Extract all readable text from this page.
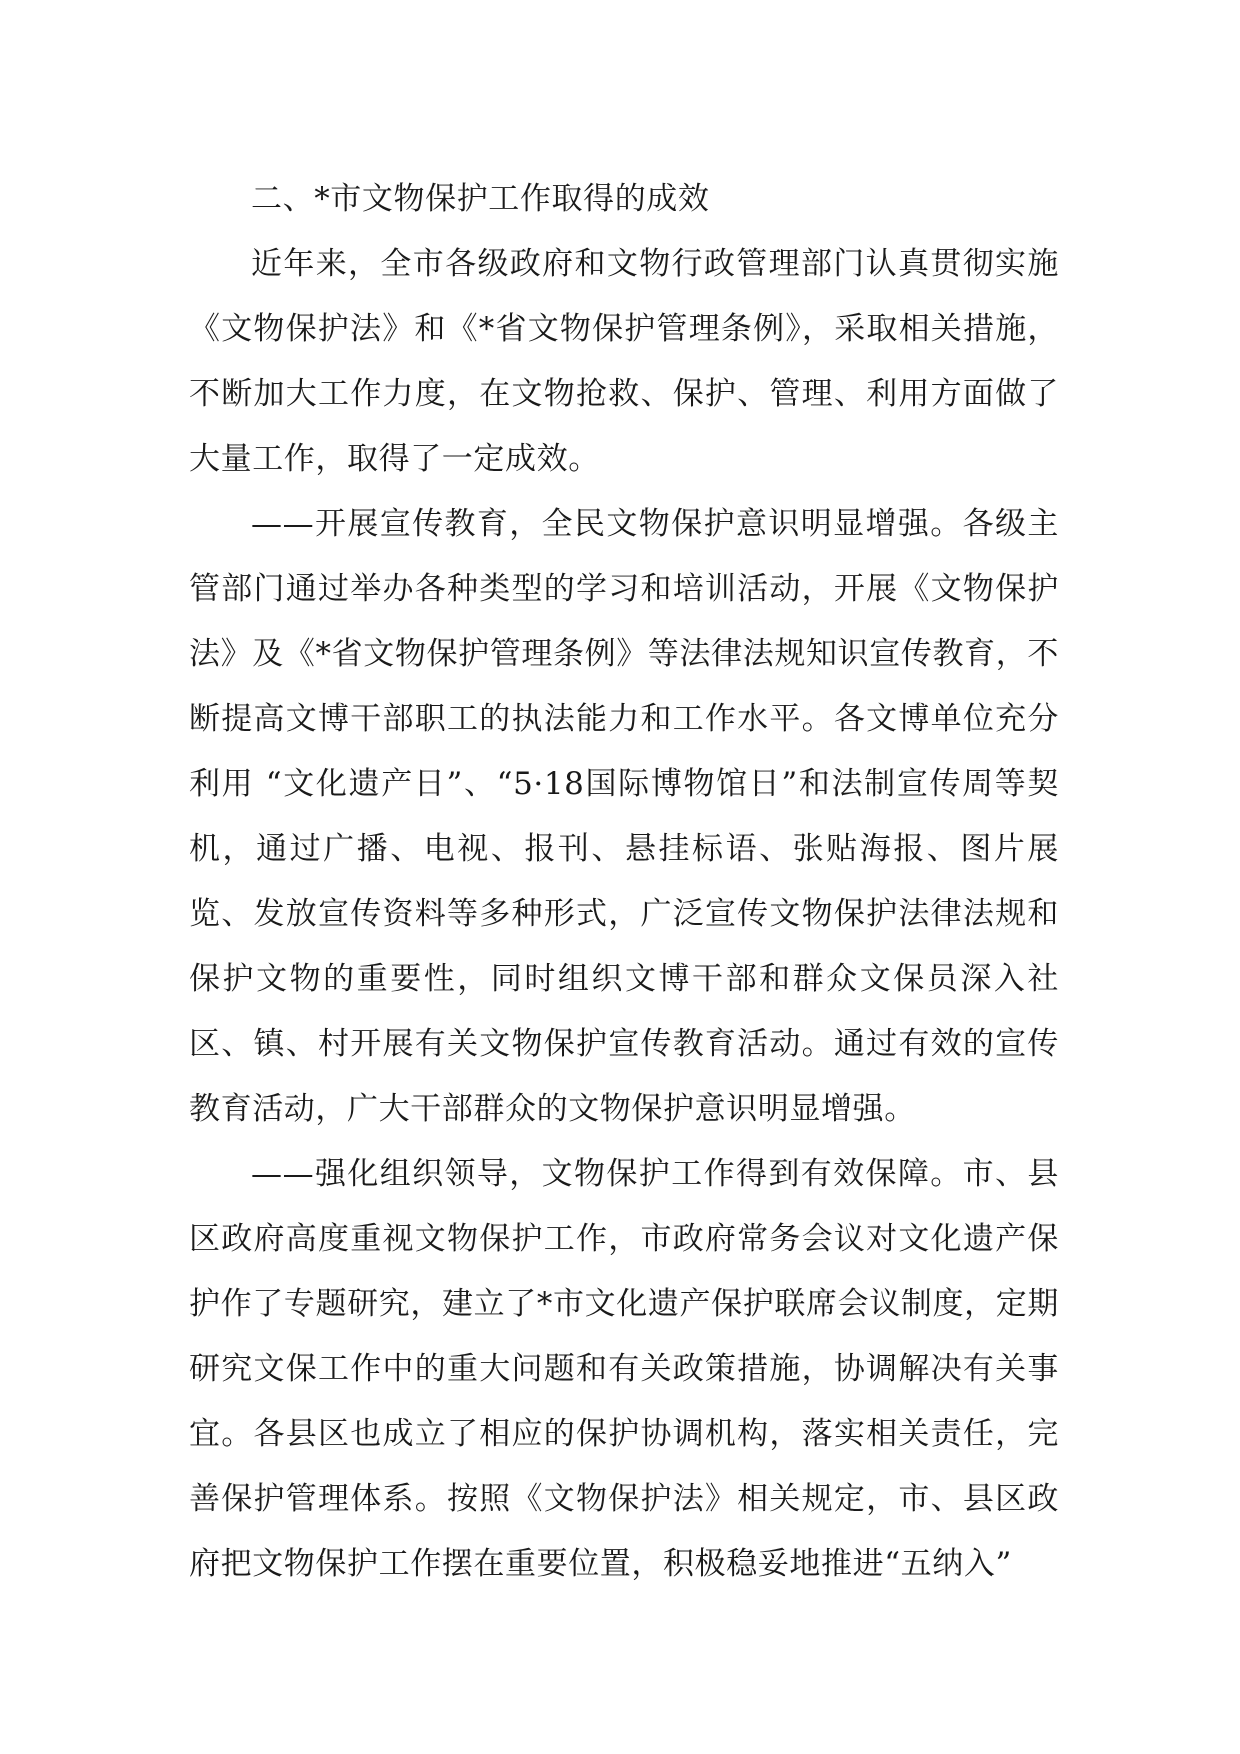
二、*市文物保护工作取得的成效

近年来，全市各级政府和文物行政管理部门认真贯彻实施《文物保护法》和《*省文物保护管理条例》，采取相关措施，不断加大工作力度，在文物抢救、保护、管理、利用方面做了大量工作，取得了一定成效。

——开展宣传教育，全民文物保护意识明显增强。各级主管部门通过举办各种类型的学习和培训活动，开展《文物保护法》及《*省文物保护管理条例》等法律法规知识宣传教育，不断提高文博干部职工的执法能力和工作水平。各文博单位充分利用 “文化遗产日”、“5·18国际博物馆日”和法制宣传周等契机，通过广播、电视、报刊、悬挂标语、张贴海报、图片展览、发放宣传资料等多种形式，广泛宣传文物保护法律法规和保护文物的重要性，同时组织文博干部和群众文保员深入社区、镇、村开展有关文物保护宣传教育活动。通过有效的宣传教育活动，广大干部群众的文物保护意识明显增强。

——强化组织领导，文物保护工作得到有效保障。市、县区政府高度重视文物保护工作，市政府常务会议对文化遗产保护作了专题研究，建立了*市文化遗产保护联席会议制度，定期研究文保工作中的重大问题和有关政策措施，协调解决有关事宜。各县区也成立了相应的保护协调机构，落实相关责任，完善保护管理体系。按照《文物保护法》相关规定，市、县区政府把文物保护工作摆在重要位置，积极稳妥地推进“五纳入”
